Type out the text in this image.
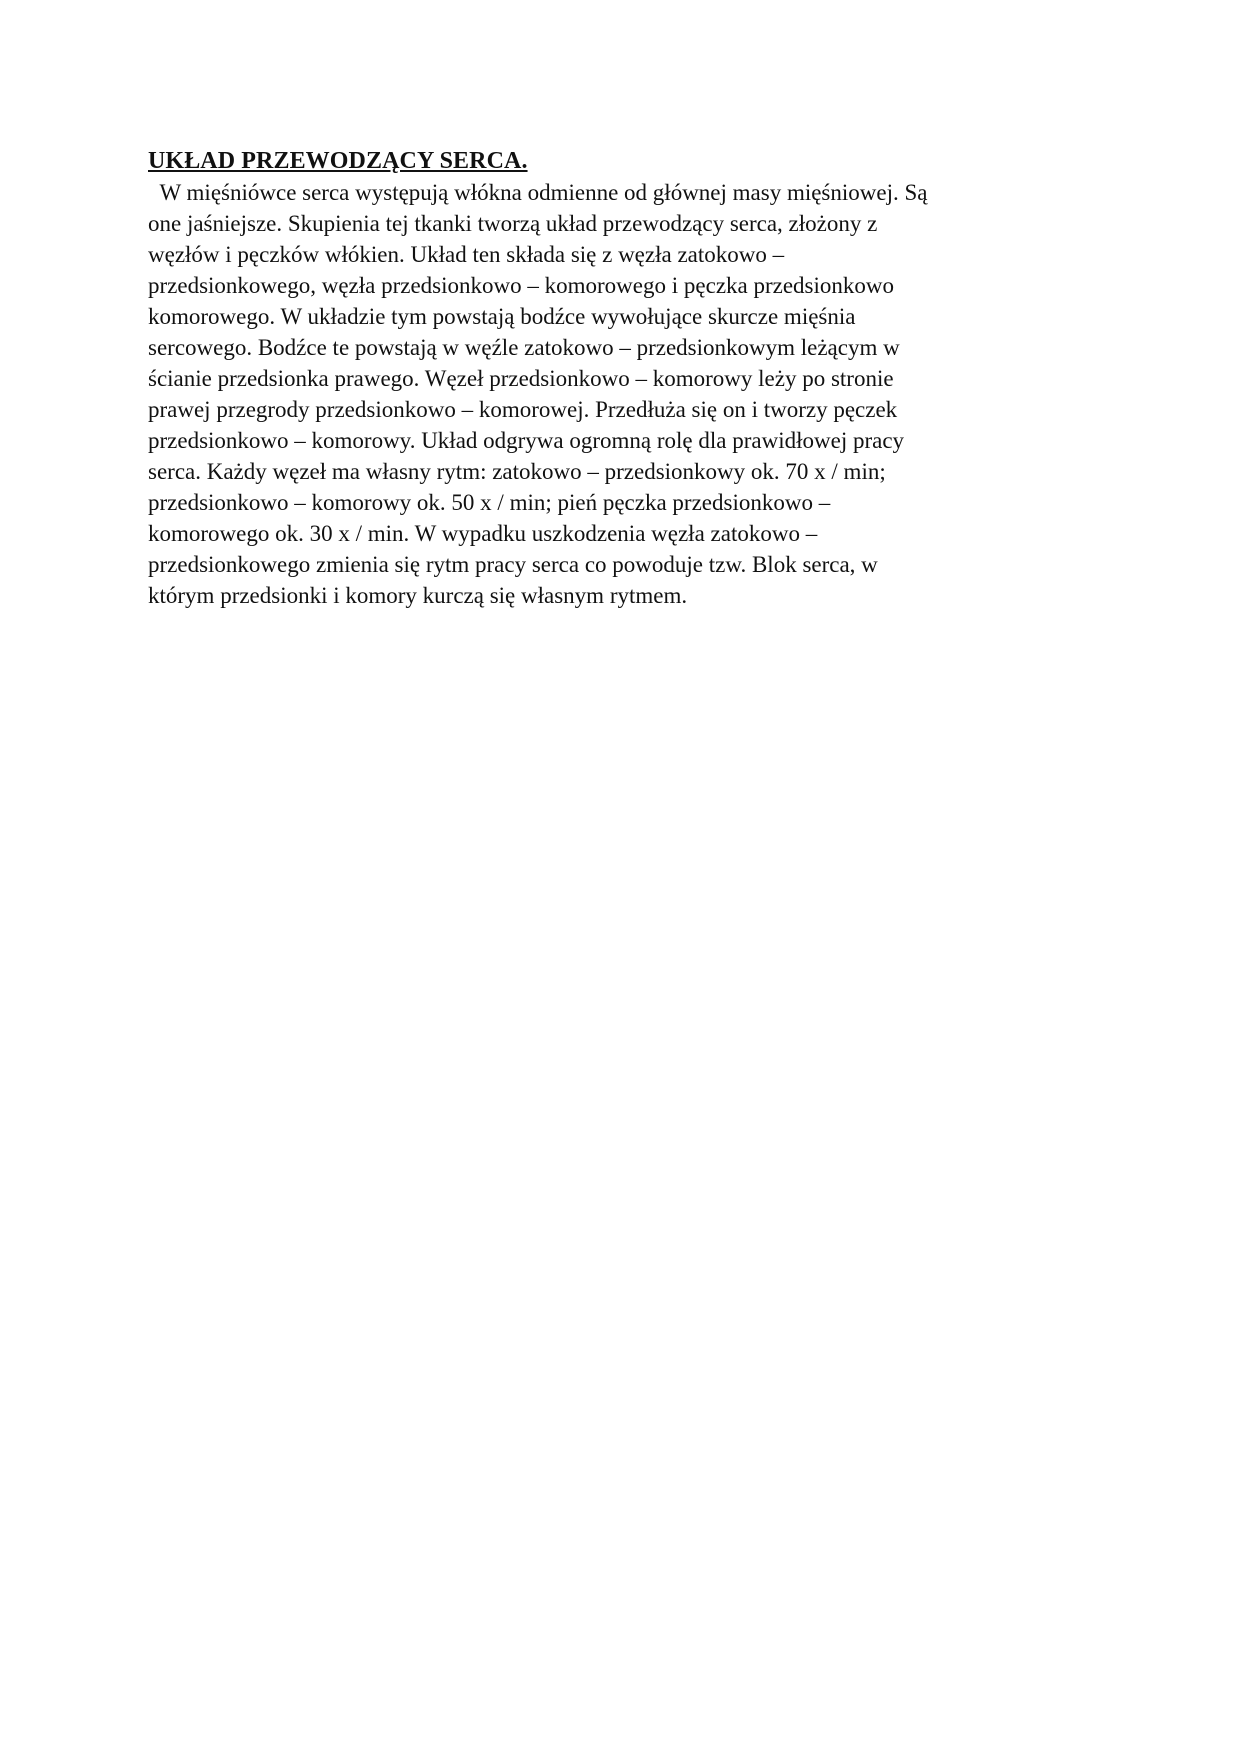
UKŁAD PRZEWODZĄCY SERCA.

W mięśniówce serca występują włókna odmienne od głównej masy mięśniowej. Są
one jaśniejsze. Skupienia tej tkanki tworzą układ przewodzący serca, złożony z
węzłów i pęczków włókien. Układ ten składa się z węzła zatokowo –
przedsionkowego, węzła przedsionkowo – komorowego i pęczka przedsionkowo
komorowego. W układzie tym powstają bodźce wywołujące skurcze mięśnia
sercowego. Bodźce te powstają w węźle zatokowo – przedsionkowym leżącym w
ścianie przedsionka prawego. Węzeł przedsionkowo – komorowy leży po stronie
prawej przegrody przedsionkowo – komorowej. Przedłuża się on i tworzy pęczek
przedsionkowo – komorowy. Układ odgrywa ogromną rolę dla prawidłowej pracy
serca. Każdy węzeł ma własny rytm: zatokowo – przedsionkowy ok. 70 x / min;
przedsionkowo – komorowy ok. 50 x / min; pień pęczka przedsionkowo –
komorowego ok. 30 x / min. W wypadku uszkodzenia węzła zatokowo –
przedsionkowego zmienia się rytm pracy serca co powoduje tzw. Blok serca, w
którym przedsionki i komory kurczą się własnym rytmem.
